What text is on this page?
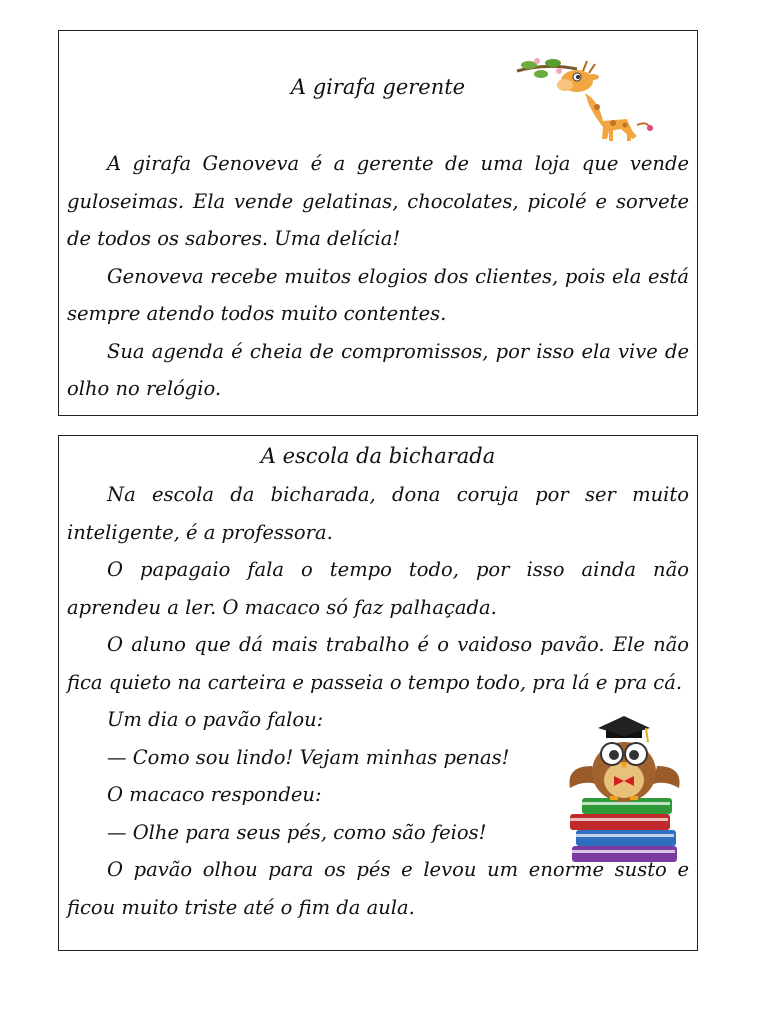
A girafa gerente

A girafa Genoveva é a gerente de uma loja que vende guloseimas. Ela vende gelatinas, chocolates, picolé e sorvete de todos os sabores. Uma delícia!

Genoveva recebe muitos elogios dos clientes, pois ela está sempre atendo todos muito contentes.

Sua agenda é cheia de compromissos, por isso ela vive de olho no relógio.

A escola da bicharada

Na escola da bicharada, dona coruja por ser muito inteligente, é a professora.

O papagaio fala o tempo todo, por isso ainda não aprendeu a ler. O macaco só faz palhaçada.

O aluno que dá mais trabalho é o vaidoso pavão. Ele não fica quieto na carteira e passeia o tempo todo, pra lá e pra cá.

Um dia o pavão falou:

— Como sou lindo! Vejam minhas penas!

O macaco respondeu:

— Olhe para seus pés, como são feios!

O pavão olhou para os pés e levou um enorme susto e ficou muito triste até o fim da aula.
